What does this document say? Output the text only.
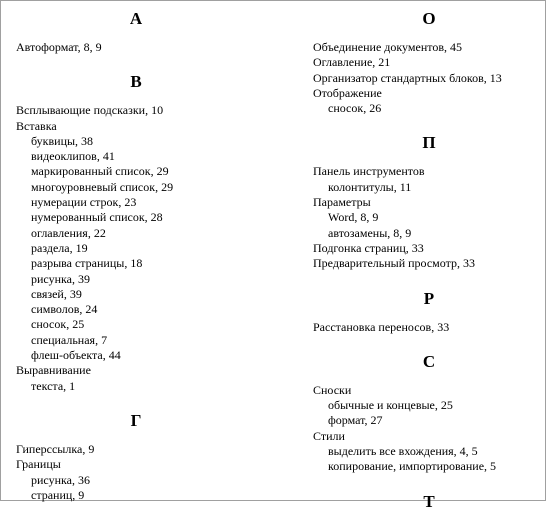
А
Автоформат, 8, 9
В
Всплывающие подсказки, 10
Вставка
буквицы, 38
видеоклипов, 41
маркированный список, 29
многоуровневый список, 29
нумерации строк, 23
нумерованный список, 28
оглавления, 22
раздела, 19
разрыва страницы, 18
рисунка, 39
связей, 39
символов, 24
сносок, 25
специальная, 7
флеш-объекта, 44
Выравнивание
текста, 1
Г
Гиперссылка, 9
Границы
рисунка, 36
страниц, 9
О
Объединение документов, 45
Оглавление, 21
Организатор стандартных блоков, 13
Отображение
сносок, 26
П
Панель инструментов
колонтитулы, 11
Параметры
Word, 8, 9
автозамены, 8, 9
Подгонка страниц, 33
Предварительный просмотр, 33
Р
Расстановка переносов, 33
С
Сноски
обычные и концевые, 25
формат, 27
Стили
выделить все вхождения, 4, 5
копирование, импортирование, 5
Т
